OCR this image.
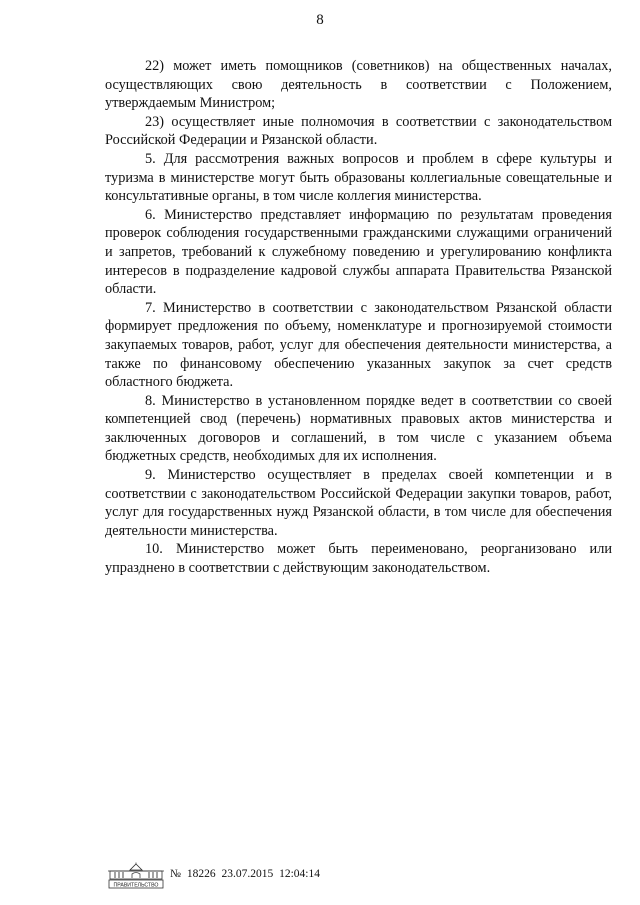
8

22) может иметь помощников (советников) на общественных началах, осуществляющих свою деятельность в соответствии с Положением, утверждаемым Министром;

23) осуществляет иные полномочия в соответствии с законодательством Российской Федерации и Рязанской области.

5. Для рассмотрения важных вопросов и проблем в сфере культуры и туризма в министерстве могут быть образованы коллегиальные совещательные и консультативные органы, в том числе коллегия министерства.

6. Министерство представляет информацию по результатам проведения проверок соблюдения государственными гражданскими служащими ограничений и запретов, требований к служебному поведению и урегулированию конфликта интересов в подразделение кадровой службы аппарата Правительства Рязанской области.

7. Министерство в соответствии с законодательством Рязанской области формирует предложения по объему, номенклатуре и прогнозируемой стоимости закупаемых товаров, работ, услуг для обеспечения деятельности министерства, а также по финансовому обеспечению указанных закупок за счет средств областного бюджета.

8. Министерство в установленном порядке ведет в соответствии со своей компетенцией свод (перечень) нормативных правовых актов министерства и заключенных договоров и соглашений, в том числе с указанием объема бюджетных средств, необходимых для их исполнения.

9. Министерство осуществляет в пределах своей компетенции и в соответствии с законодательством Российской Федерации закупки товаров, работ, услуг для государственных нужд Рязанской области, в том числе для обеспечения деятельности министерства.

10. Министерство может быть переименовано, реорганизовано или упразднено в соответствии с действующим законодательством.

ПРАВИТЕЛЬСТВО
№ 18226 23.07.2015 12:04:14
